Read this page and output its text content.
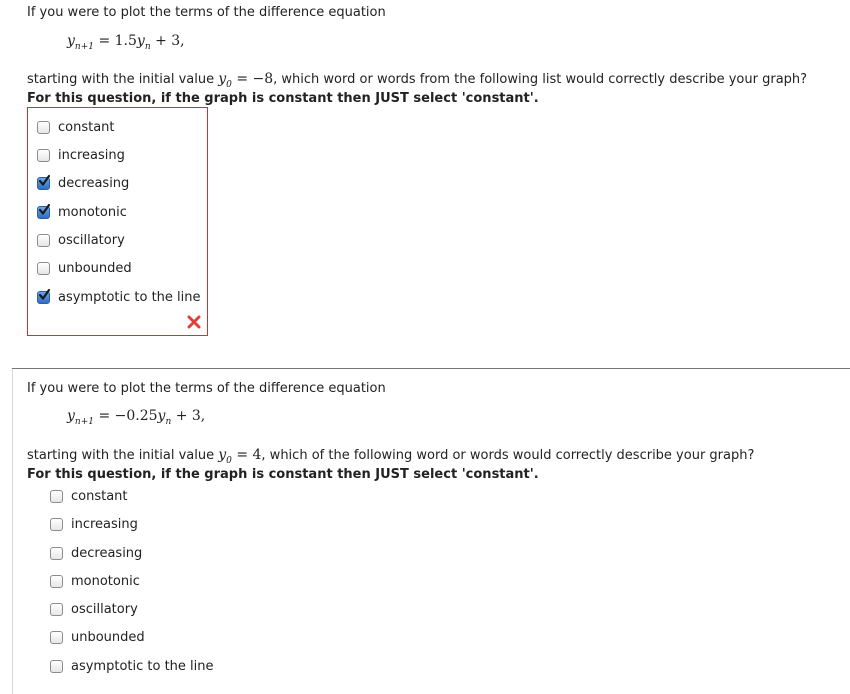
If you were to plot the terms of the difference equation
$y_{n+1} = 1.5y_n + 3$,
starting with the initial value $y_0 = -8$, which word or words from the following list would correctly describe your graph?
For this question, if the graph is constant then JUST select 'constant'.
constant
increasing
decreasing
monotonic
oscillatory
unbounded
asymptotic to the line
If you were to plot the terms of the difference equation
$y_{n+1} = -0.25y_n + 3$,
starting with the initial value $y_0 = 4$, which of the following word or words would correctly describe your graph?
For this question, if the graph is constant then JUST select 'constant'.
constant
increasing
decreasing
monotonic
oscillatory
unbounded
asymptotic to the line
